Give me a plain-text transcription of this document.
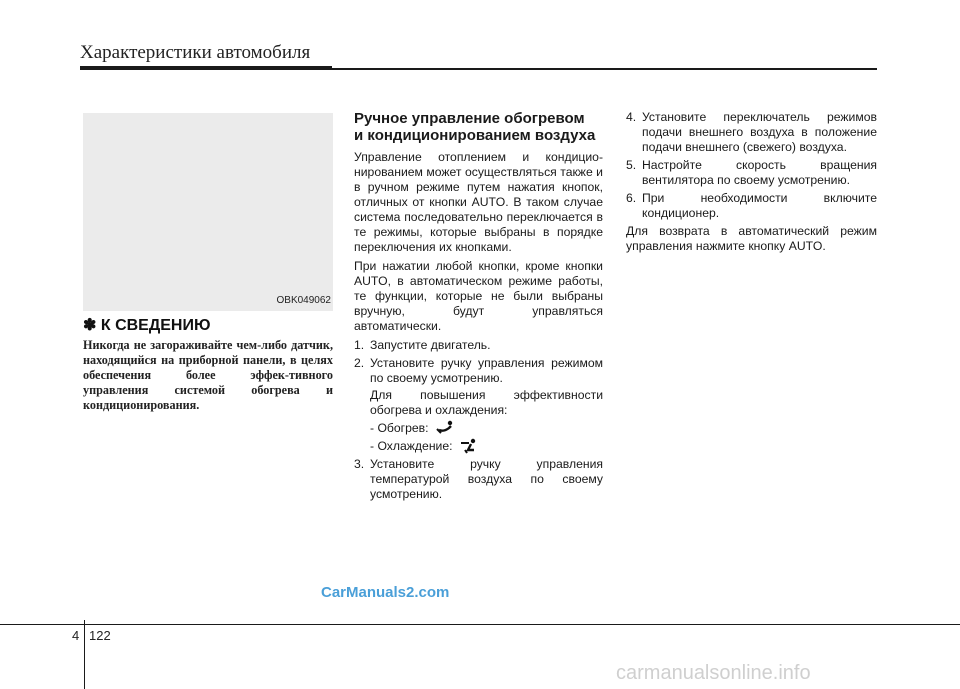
Характеристики автомобиля
OBK049062
✽ К СВЕДЕНИЮ
Никогда не загораживайте чем-либо датчик, находящийся на приборной панели, в целях обеспечения более эффек-тивного управления системой обогрева и кондиционирования.
Ручное управление обогревом
и кондиционированием воздуха

Управление отоплением и кондицио-нированием может осуществляться также и в ручном режиме путем нажатия кнопок, отличных от кнопки AUTO. В таком случае система последовательно переключается в те режимы, которые выбраны в порядке переключения их кнопками.

При нажатии любой кнопки, кроме кнопки AUTO, в автоматическом режиме работы, те функции, которые не были выбраны вручную, будут управляться автоматически.

1. Запустите двигатель.
2. Установите ручку управления режимом по своему усмотрению.
Для повышения эффективности обогрева и охлаждения:
- Обогрев:
- Охлаждение:
3. Установите ручку управления температурой воздуха по своему усмотрению.
4. Установите переключатель режимов подачи внешнего воздуха в положение подачи внешнего (свежего) воздуха.
5. Настройте скорость вращения вентилятора по своему усмотрению.
6. При необходимости включите кондиционер.

Для возврата в автоматический режим управления нажмите кнопку AUTO.

CarManuals2.com
4 122
carmanualsonline.info
